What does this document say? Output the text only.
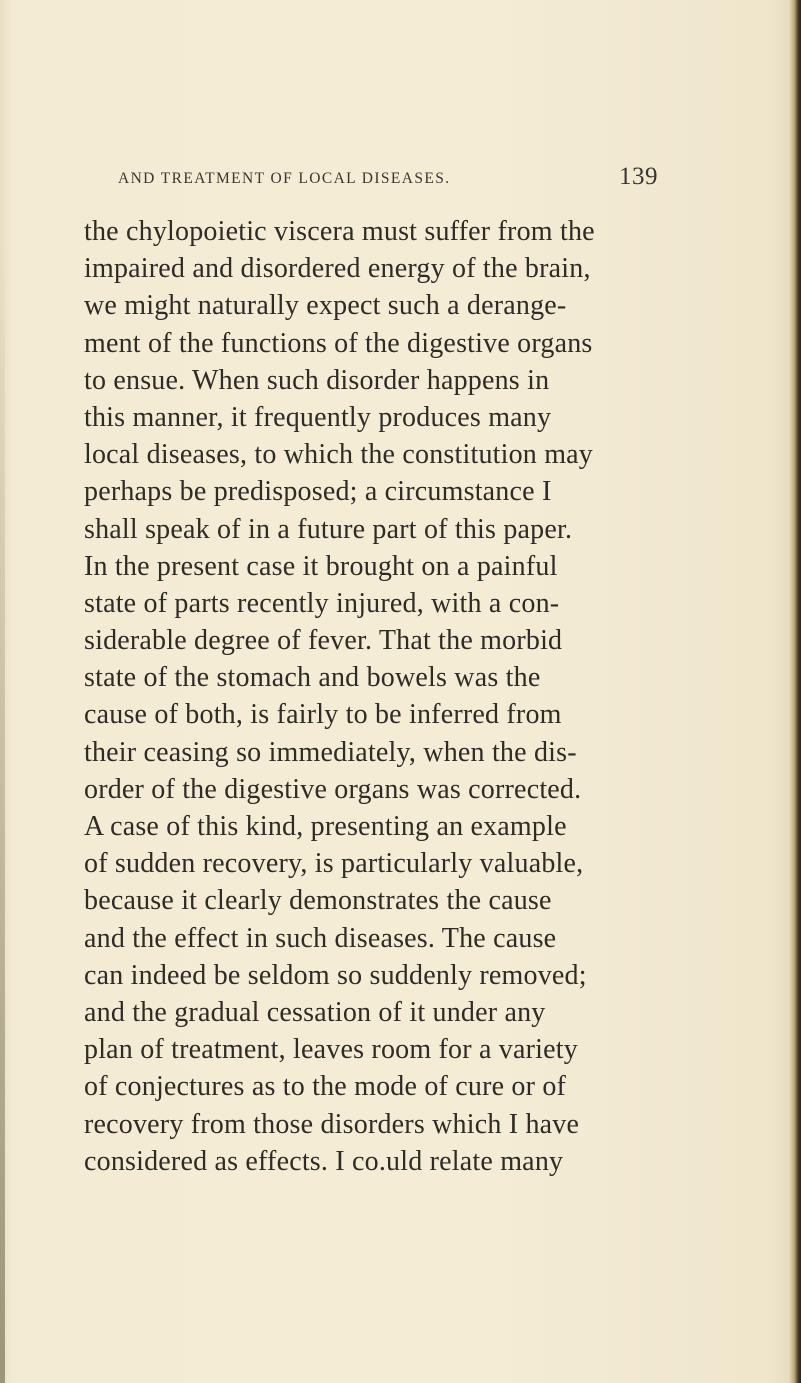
AND TREATMENT OF LOCAL DISEASES.	139
the chylopoietic viscera must suffer from the
impaired and disordered energy of the brain,
we might naturally expect such a derange-
ment of the functions of the digestive organs
to ensue. When such disorder happens in
this manner, it frequently produces many
local diseases, to which the constitution may
perhaps be predisposed; a circumstance I
shall speak of in a future part of this paper.
In the present case it brought on a painful
state of parts recently injured, with a con-
siderable degree of fever. That the morbid
state of the stomach and bowels was the
cause of both, is fairly to be inferred from
their ceasing so immediately, when the dis-
order of the digestive organs was corrected.
A case of this kind, presenting an example
of sudden recovery, is particularly valuable,
because it clearly demonstrates the cause
and the effect in such diseases. The cause
can indeed be seldom so suddenly removed;
and the gradual cessation of it under any
plan of treatment, leaves room for a variety
of conjectures as to the mode of cure or of
recovery from those disorders which I have
considered as effects. I co.uld relate many
